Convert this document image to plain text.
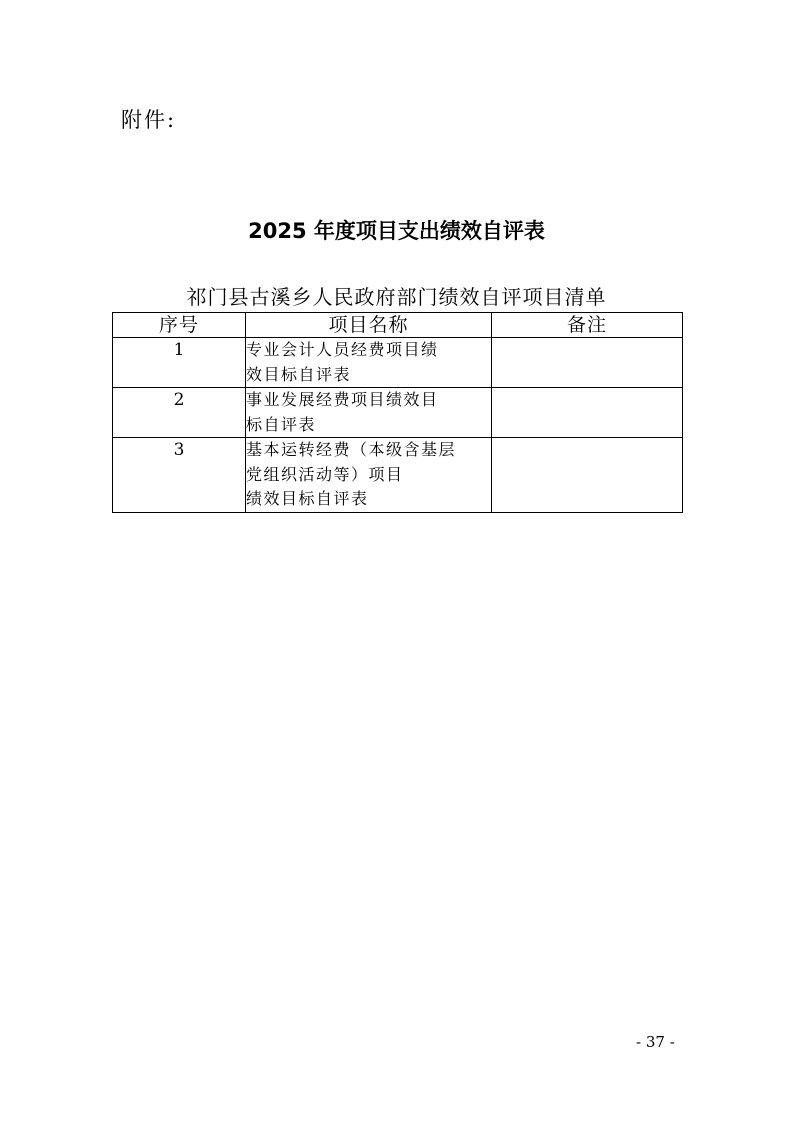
附件:
2025 年度项目支出绩效自评表
祁门县古溪乡人民政府部门绩效自评项目清单
序号	项目名称	备注
1	专业会计人员经费项目绩
效目标自评表	

2	事业发展经费项目绩效目
标自评表	

3	基本运转经费（本级含基层
党组织活动等）项目
绩效目标自评表	

- 37 -
